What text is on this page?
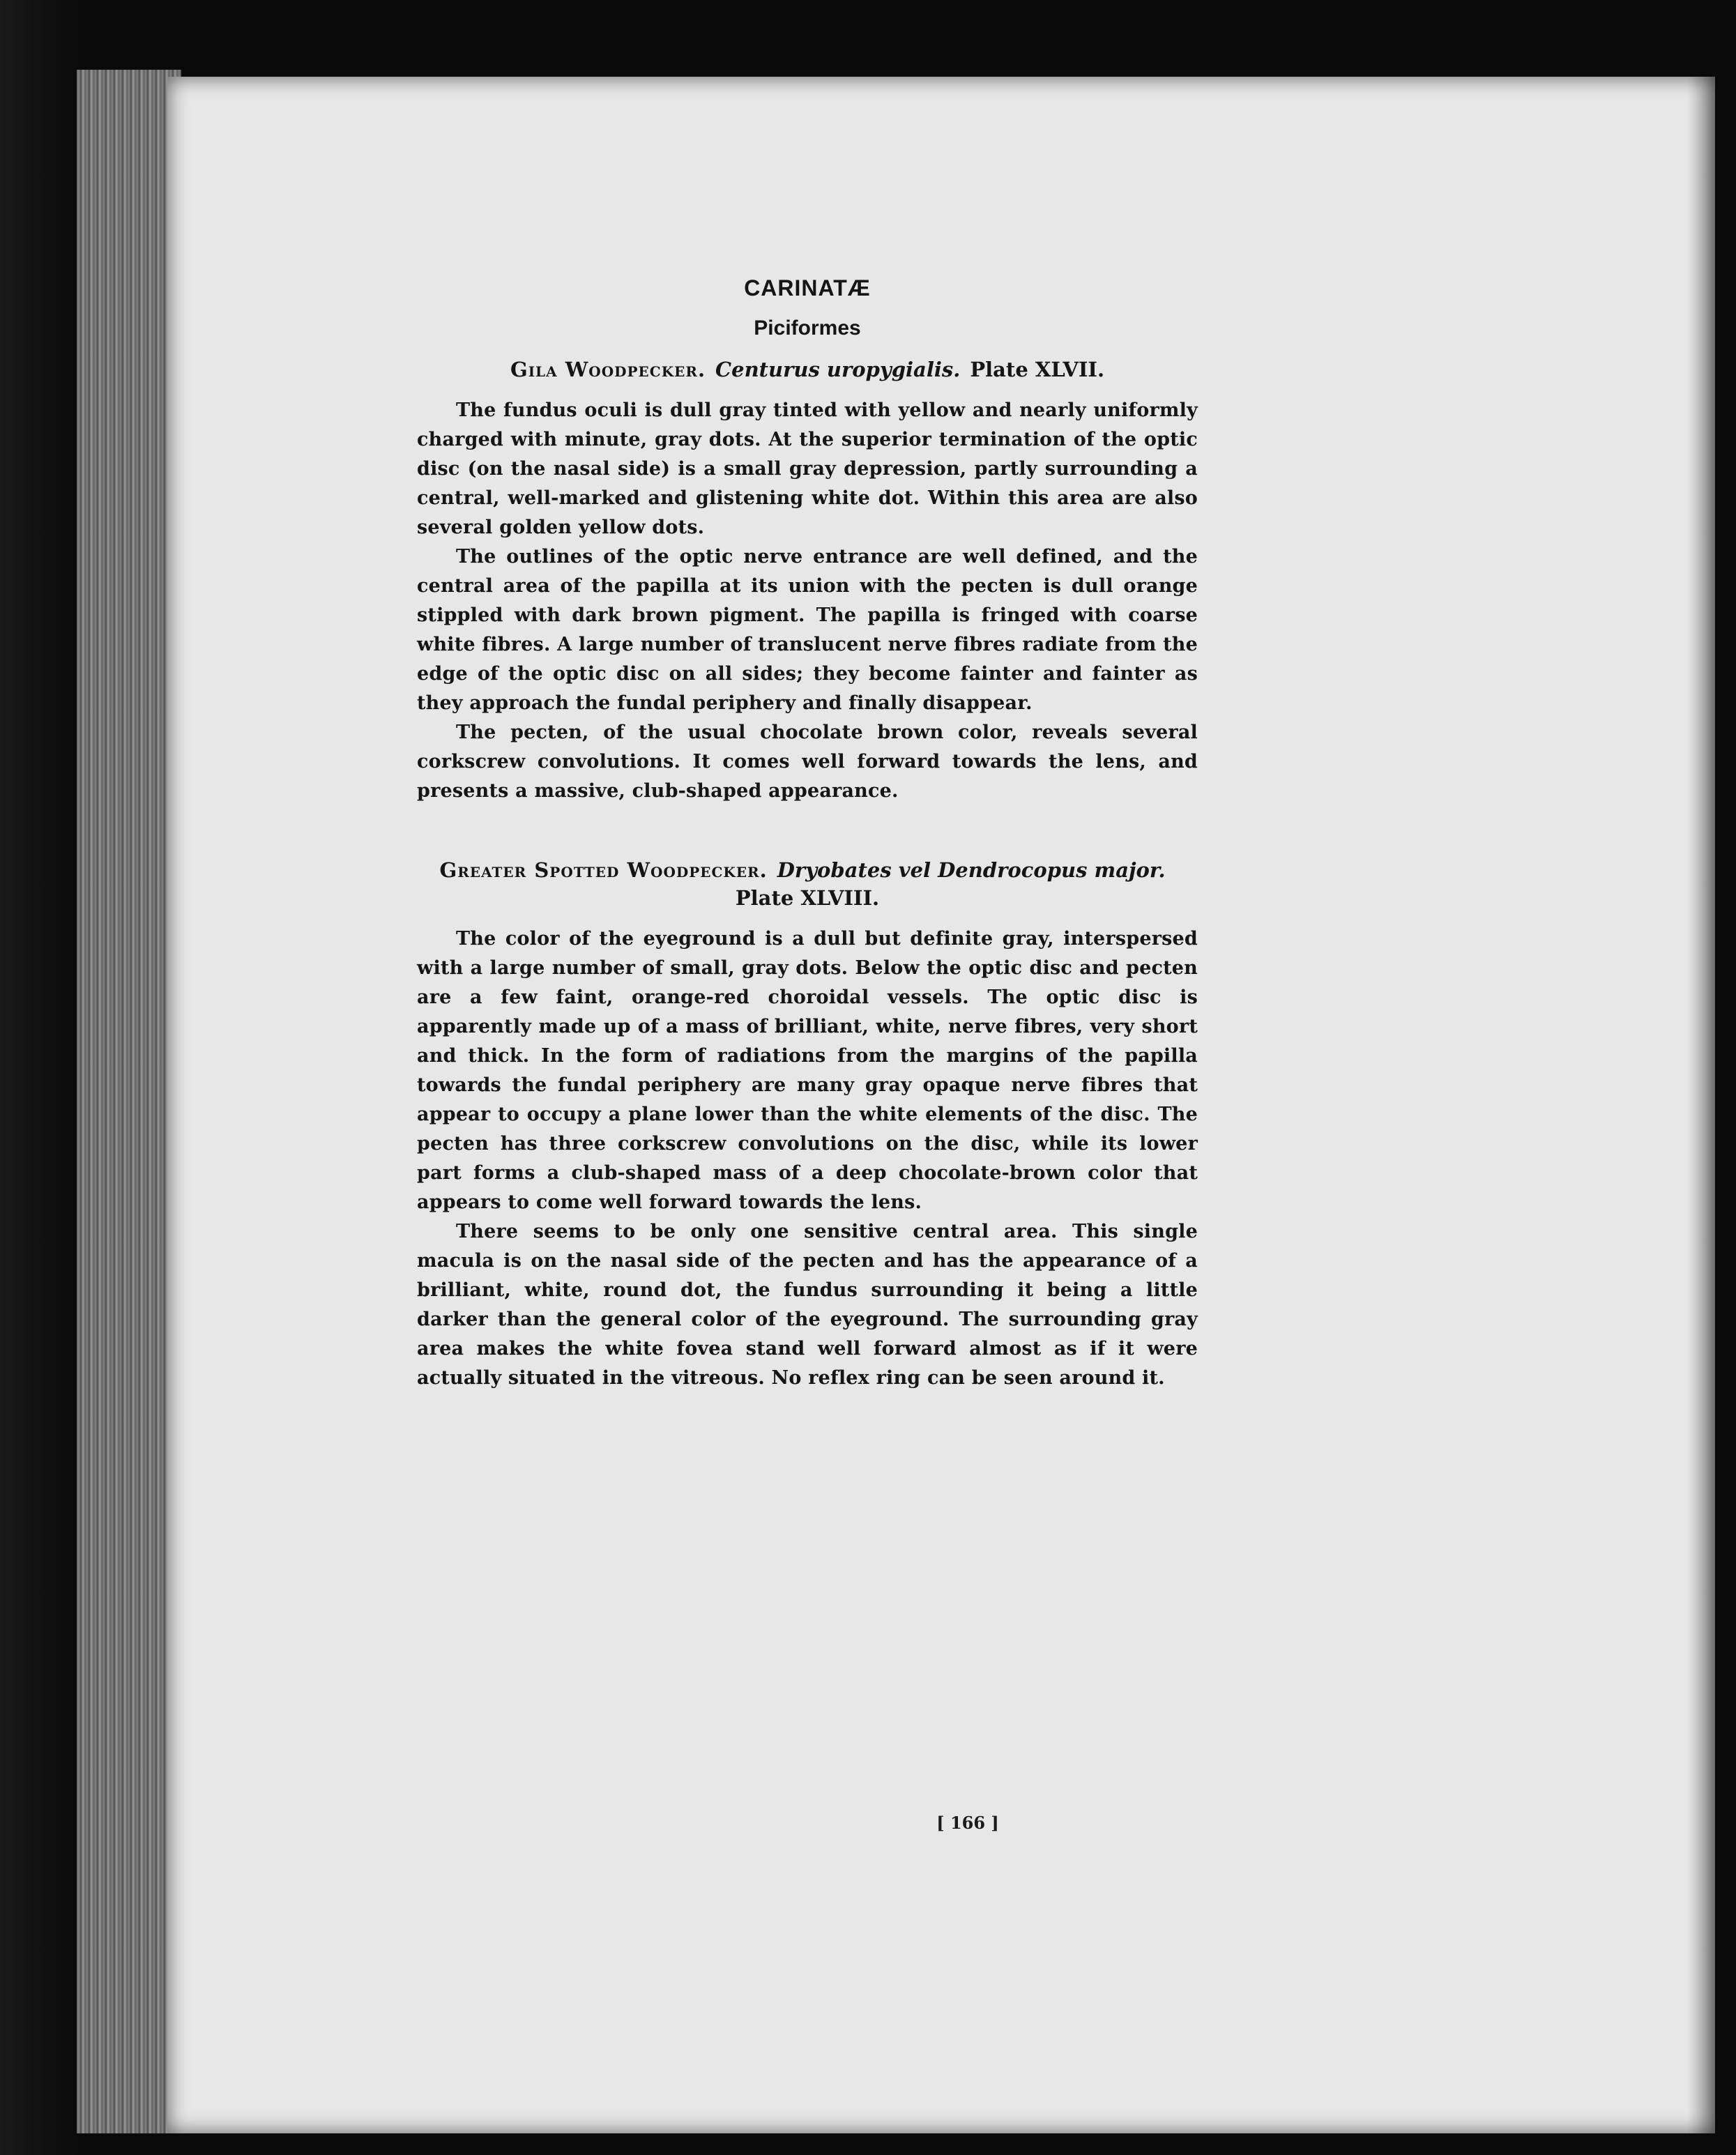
CARINATÆ
Piciformes
Gila Woodpecker. Centurus uropygialis. Plate XLVII.

The fundus oculi is dull gray tinted with yellow and nearly uniformly charged with minute, gray dots. At the superior termination of the optic disc (on the nasal side) is a small gray depression, partly surrounding a central, well-marked and glistening white dot. Within this area are also several golden yellow dots.

The outlines of the optic nerve entrance are well defined, and the central area of the papilla at its union with the pecten is dull orange stippled with dark brown pigment. The papilla is fringed with coarse white fibres. A large number of translucent nerve fibres radiate from the edge of the optic disc on all sides; they become fainter and fainter as they approach the fundal periphery and finally disappear.

The pecten, of the usual chocolate brown color, reveals several corkscrew convolutions. It comes well forward towards the lens, and presents a massive, club-shaped appearance.

Greater Spotted Woodpecker. Dryobates vel Dendrocopus major.
Plate XLVIII.

The color of the eyeground is a dull but definite gray, interspersed with a large number of small, gray dots. Below the optic disc and pecten are a few faint, orange-red choroidal vessels. The optic disc is apparently made up of a mass of brilliant, white, nerve fibres, very short and thick. In the form of radiations from the margins of the papilla towards the fundal periphery are many gray opaque nerve fibres that appear to occupy a plane lower than the white elements of the disc. The pecten has three corkscrew convolutions on the disc, while its lower part forms a club-shaped mass of a deep chocolate-brown color that appears to come well forward towards the lens.

There seems to be only one sensitive central area. This single macula is on the nasal side of the pecten and has the appearance of a brilliant, white, round dot, the fundus surrounding it being a little darker than the general color of the eyeground. The surrounding gray area makes the white fovea stand well forward almost as if it were actually situated in the vitreous. No reflex ring can be seen around it.

[ 166 ]
